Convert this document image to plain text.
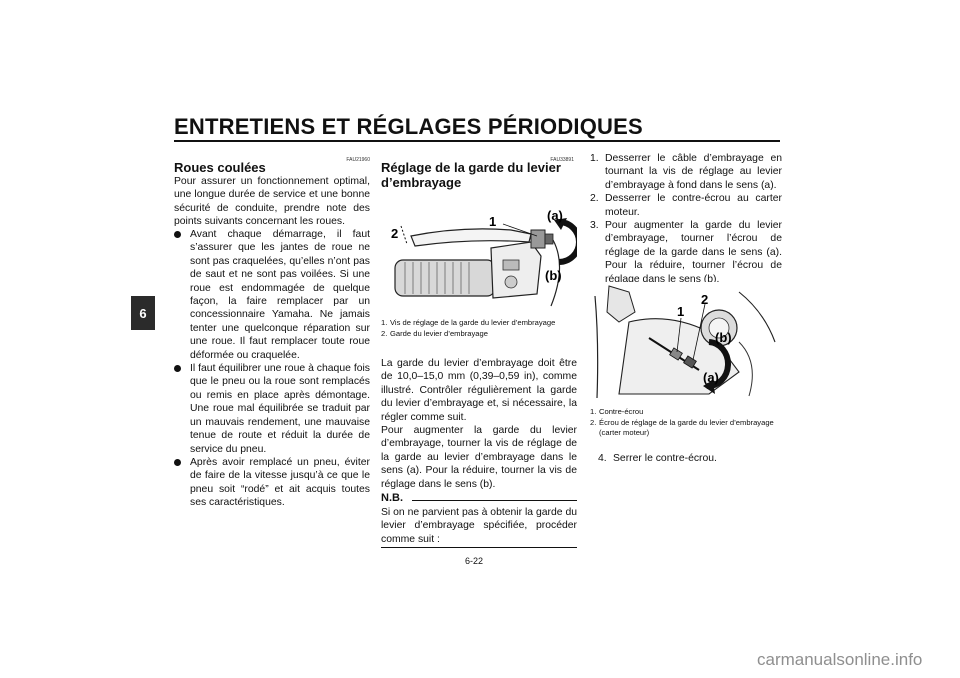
ENTRETIENS ET RÉGLAGES PÉRIODIQUES
6
FAU21960
Roues coulées
Pour assurer un fonctionnement optimal, une longue durée de service et une bonne sécurité de conduite, prendre note des points suivants concernant les roues.
Avant chaque démarrage, il faut s’assurer que les jantes de roue ne sont pas craquelées, qu’elles n’ont pas de saut et ne sont pas voilées. Si une roue est endommagée de quelque façon, la faire remplacer par un concessionnaire Yamaha. Ne jamais tenter une quelconque réparation sur une roue. Il faut remplacer toute roue déformée ou craquelée.
Il faut équilibrer une roue à chaque fois que le pneu ou la roue sont remplacés ou remis en place après démontage. Une roue mal équilibrée se traduit par un mauvais rendement, une mauvaise tenue de route et réduit la durée de service du pneu.
Après avoir remplacé un pneu, éviter de faire de la vitesse jusqu’à ce que le pneu soit “rodé” et ait acquis toutes ses caractéristiques.
FAU33891
Réglage de la garde du levier
d’embrayage
1
2
(a)
(b)
1. Vis de réglage de la garde du levier d’embrayage
2. Garde du levier d’embrayage
La garde du levier d’embrayage doit être de 10,0–15,0 mm (0,39–0,59 in), comme illustré. Contrôler régulièrement la garde du levier d’embrayage et, si nécessaire, la régler comme suit.
Pour augmenter la garde du levier d’embrayage, tourner la vis de réglage de la garde au levier d’embrayage dans le sens (a). Pour la réduire, tourner la vis de réglage dans le sens (b).
N.B.
Si on ne parvient pas à obtenir la garde du levier d’embrayage spécifiée, procéder comme suit :
1. Desserrer le câble d’embrayage en tournant la vis de réglage au levier d’embrayage à fond dans le sens (a).
2. Desserrer le contre-écrou au carter moteur.
3. Pour augmenter la garde du levier d’embrayage, tourner l’écrou de réglage de la garde dans le sens (a). Pour la réduire, tourner l’écrou de réglage dans le sens (b).
1
2
(b)
(a)
1. Contre-écrou
2. Écrou de réglage de la garde du levier d’embrayage (carter moteur)
4. Serrer le contre-écrou.
6-22
carmanualsonline.info
